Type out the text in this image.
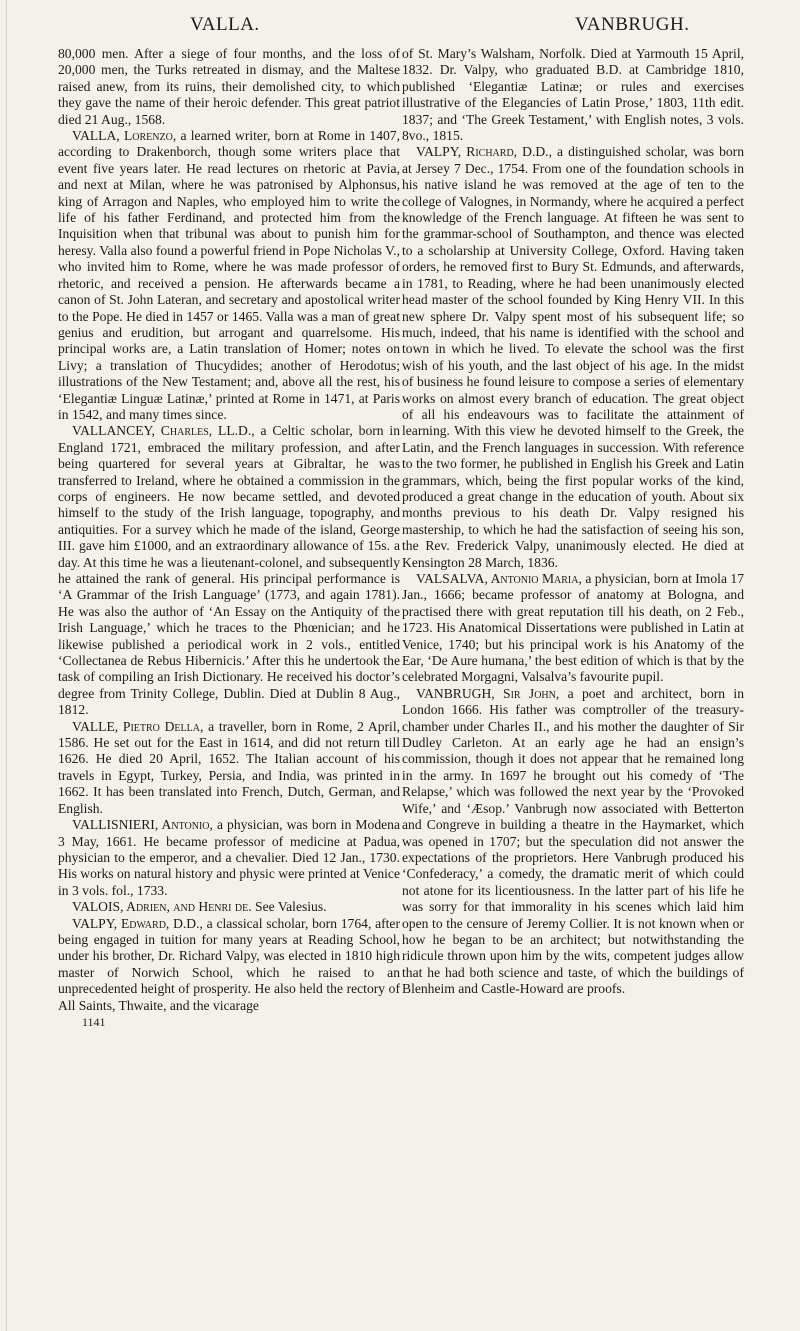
VALLA.	VANBRUGH.

80,000 men. After a siege of four months, and the loss of 20,000 men, the Turks retreated in dismay, and the Maltese raised anew, from its ruins, their demolished city, to which they gave the name of their heroic defender. This great patriot died 21 Aug., 1568.

VALLA, Lorenzo, a learned writer, born at Rome in 1407, according to Drakenborch, though some writers place that event five years later. He read lectures on rhetoric at Pavia, and next at Milan, where he was patronised by Alphonsus, king of Arragon and Naples, who employed him to write the life of his father Ferdinand, and protected him from the Inquisition when that tribunal was about to punish him for heresy. Valla also found a powerful friend in Pope Nicholas V., who invited him to Rome, where he was made professor of rhetoric, and received a pension. He afterwards became a canon of St. John Lateran, and secretary and apostolical writer to the Pope. He died in 1457 or 1465. Valla was a man of great genius and erudition, but arrogant and quarrelsome. His principal works are, a Latin translation of Homer; notes on Livy; a translation of Thucydides; another of Herodotus; illustrations of the New Testament; and, above all the rest, his ‘Elegantiæ Linguæ Latinæ,’ printed at Rome in 1471, at Paris in 1542, and many times since.

VALLANCEY, Charles, LL.D., a Celtic scholar, born in England 1721, embraced the military profession, and after being quartered for several years at Gibraltar, he was transferred to Ireland, where he obtained a commission in the corps of engineers. He now became settled, and devoted himself to the study of the Irish language, topography, and antiquities. For a survey which he made of the island, George III. gave him £1000, and an extraordinary allowance of 15s. a day. At this time he was a lieutenant-colonel, and subsequently he attained the rank of general. His principal performance is ‘A Grammar of the Irish Language’ (1773, and again 1781). He was also the author of ‘An Essay on the Antiquity of the Irish Language,’ which he traces to the Phœnician; and he likewise published a periodical work in 2 vols., entitled ‘Collectanea de Rebus Hibernicis.’ After this he undertook the task of compiling an Irish Dictionary. He received his doctor’s degree from Trinity College, Dublin. Died at Dublin 8 Aug., 1812.

VALLE, Pietro Della, a traveller, born in Rome, 2 April, 1586. He set out for the East in 1614, and did not return till 1626. He died 20 April, 1652. The Italian account of his travels in Egypt, Turkey, Persia, and India, was printed in 1662. It has been translated into French, Dutch, German, and English.

VALLISNIERI, Antonio, a physician, was born in Modena 3 May, 1661. He became professor of medicine at Padua, physician to the emperor, and a chevalier. Died 12 Jan., 1730. His works on natural history and physic were printed at Venice in 3 vols. fol., 1733.

VALOIS, Adrien, and Henri de. See Valesius.

VALPY, Edward, D.D., a classical scholar, born 1764, after being engaged in tuition for many years at Reading School, under his brother, Dr. Richard Valpy, was elected in 1810 high master of Norwich School, which he raised to an unprecedented height of prosperity. He also held the rectory of All Saints, Thwaite, and the vicarage

1141

of St. Mary’s Walsham, Norfolk. Died at Yarmouth 15 April, 1832. Dr. Valpy, who graduated B.D. at Cambridge 1810, published ‘Elegantiæ Latinæ; or rules and exercises illustrative of the Elegancies of Latin Prose,’ 1803, 11th edit. 1837; and ‘The Greek Testament,’ with English notes, 3 vols. 8vo., 1815.

VALPY, Richard, D.D., a distinguished scholar, was born at Jersey 7 Dec., 1754. From one of the foundation schools in his native island he was removed at the age of ten to the college of Valognes, in Normandy, where he acquired a perfect knowledge of the French language. At fifteen he was sent to the grammar-school of Southampton, and thence was elected to a scholarship at University College, Oxford. Having taken orders, he removed first to Bury St. Edmunds, and afterwards, in 1781, to Reading, where he had been unanimously elected head master of the school founded by King Henry VII. In this new sphere Dr. Valpy spent most of his subsequent life; so much, indeed, that his name is identified with the school and town in which he lived. To elevate the school was the first wish of his youth, and the last object of his age. In the midst of business he found leisure to compose a series of elementary works on almost every branch of education. The great object of all his endeavours was to facilitate the attainment of learning. With this view he devoted himself to the Greek, the Latin, and the French languages in succession. With reference to the two former, he published in English his Greek and Latin grammars, which, being the first popular works of the kind, produced a great change in the education of youth. About six months previous to his death Dr. Valpy resigned his mastership, to which he had the satisfaction of seeing his son, the Rev. Frederick Valpy, unanimously elected. He died at Kensington 28 March, 1836.

VALSALVA, Antonio Maria, a physician, born at Imola 17 Jan., 1666; became professor of anatomy at Bologna, and practised there with great reputation till his death, on 2 Feb., 1723. His Anatomical Dissertations were published in Latin at Venice, 1740; but his principal work is his Anatomy of the Ear, ‘De Aure humana,’ the best edition of which is that by the celebrated Morgagni, Valsalva’s favourite pupil.

VANBRUGH, Sir John, a poet and architect, born in London 1666. His father was comptroller of the treasury-chamber under Charles II., and his mother the daughter of Sir Dudley Carleton. At an early age he had an ensign’s commission, though it does not appear that he remained long in the army. In 1697 he brought out his comedy of ‘The Relapse,’ which was followed the next year by the ‘Provoked Wife,’ and ‘Æsop.’ Vanbrugh now associated with Betterton and Congreve in building a theatre in the Haymarket, which was opened in 1707; but the speculation did not answer the expectations of the proprietors. Here Vanbrugh produced his ‘Confederacy,’ a comedy, the dramatic merit of which could not atone for its licentiousness. In the latter part of his life he was sorry for that immorality in his scenes which laid him open to the censure of Jeremy Collier. It is not known when or how he began to be an architect; but notwithstanding the ridicule thrown upon him by the wits, competent judges allow that he had both science and taste, of which the buildings of Blenheim and Castle-Howard are proofs.
